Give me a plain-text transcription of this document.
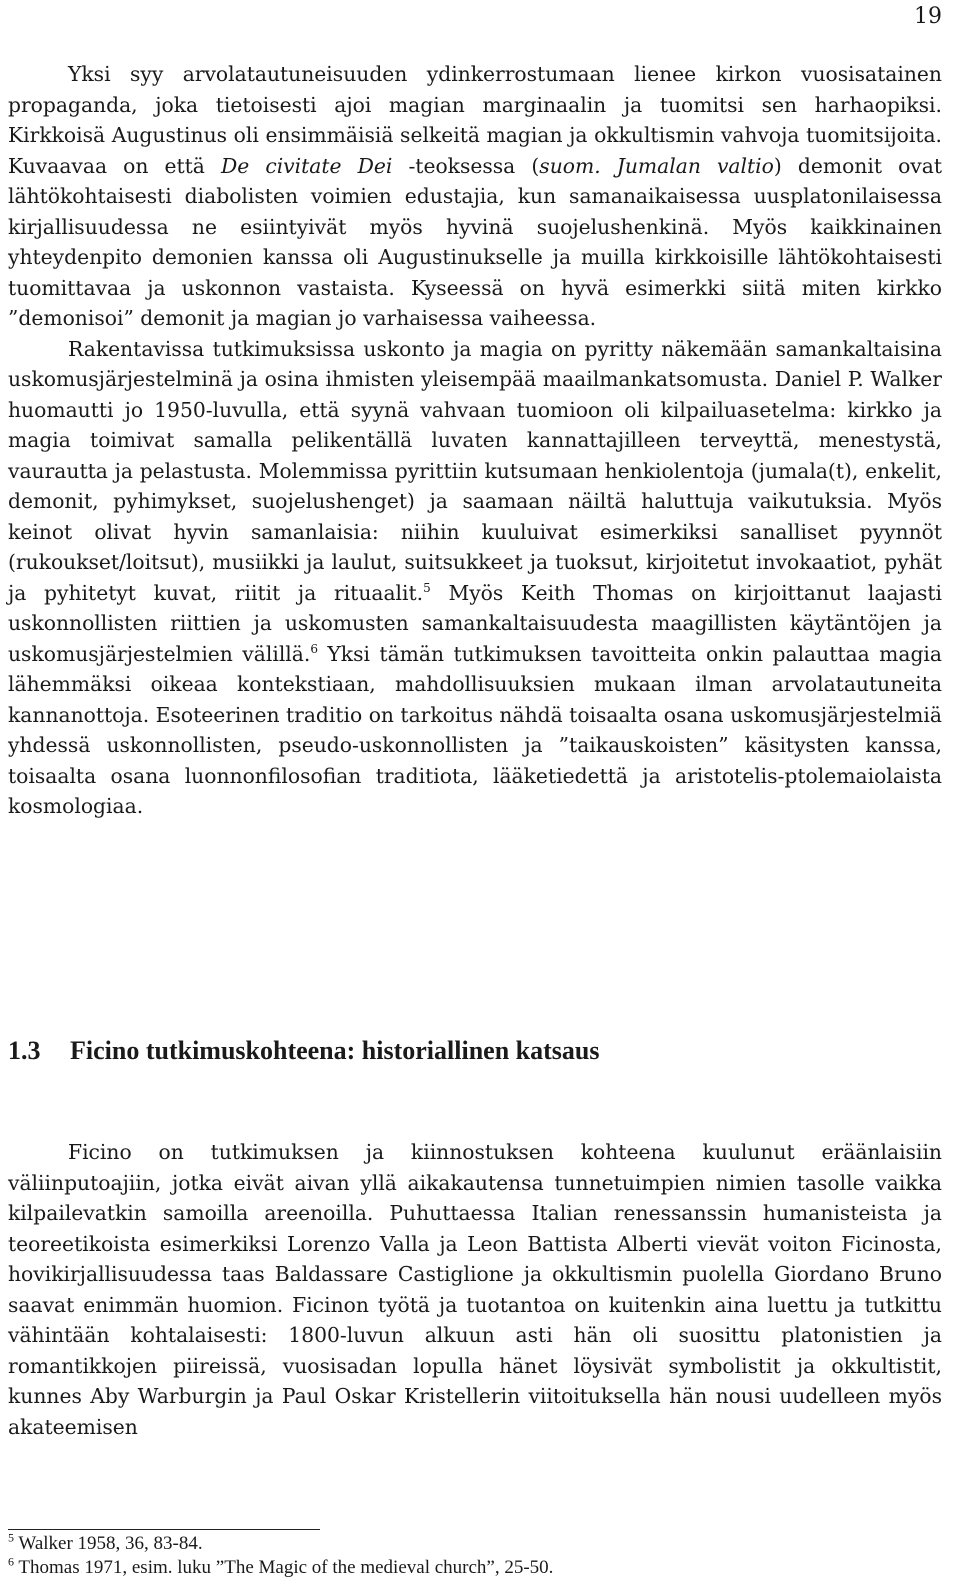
19

Yksi syy arvolatautuneisuuden ydinkerrostumaan lienee kirkon vuosisatainen propaganda, joka tietoisesti ajoi magian marginaalin ja tuomitsi sen harhaopiksi. Kirkkoisä Augustinus oli ensimmäisiä selkeitä magian ja okkultismin vahvoja tuomitsijoita. Kuvaavaa on että De civitate Dei -teoksessa (suom. Jumalan valtio) demonit ovat lähtökohtaisesti diabolisten voimien edustajia, kun samanaikaisessa uusplatonilaisessa kirjallisuudessa ne esiintyivät myös hyvinä suojelushenkinä. Myös kaikkinainen yhteydenpito demonien kanssa oli Augustinukselle ja muilla kirkkoisille lähtökohtaisesti tuomittavaa ja uskonnon vastaista. Kyseessä on hyvä esimerkki siitä miten kirkko ”demonisoi” demonit ja magian jo varhaisessa vaiheessa.

Rakentavissa tutkimuksissa uskonto ja magia on pyritty näkemään samankaltaisina uskomusjärjestelminä ja osina ihmisten yleisempää maailmankatsomusta. Daniel P. Walker huomautti jo 1950-luvulla, että syynä vahvaan tuomioon oli kilpailuasetelma: kirkko ja magia toimivat samalla pelikentällä luvaten kannattajilleen terveyttä, menestystä, vaurautta ja pelastusta. Molemmissa pyrittiin kutsumaan henkiolentoja (jumala(t), enkelit, demonit, pyhimykset, suojelushenget) ja saamaan näiltä haluttuja vaikutuksia. Myös keinot olivat hyvin samanlaisia: niihin kuuluivat esimerkiksi sanalliset pyynnöt (rukoukset/loitsut), musiikki ja laulut, suitsukkeet ja tuoksut, kirjoitetut invokaatiot, pyhät ja pyhitetyt kuvat, riitit ja rituaalit.$^5$ Myös Keith Thomas on kirjoittanut laajasti uskonnollisten riittien ja uskomusten samankaltaisuudesta maagillisten käytäntöjen ja uskomusjärjestelmien välillä.$^6$ Yksi tämän tutkimuksen tavoitteita onkin palauttaa magia lähemmäksi oikeaa kontekstiaan, mahdollisuuksien mukaan ilman arvolatautuneita kannanottoja. Esoteerinen traditio on tarkoitus nähdä toisaalta osana uskomusjärjestelmiä yhdessä uskonnollisten, pseudo-uskonnollisten ja ”taikauskoisten” käsitysten kanssa, toisaalta osana luonnonfilosofian traditiota, lääketiedettä ja aristotelis-ptolemaiolaista kosmologiaa.

1.3 Ficino tutkimuskohteena: historiallinen katsaus

Ficino on tutkimuksen ja kiinnostuksen kohteena kuulunut eräänlaisiin väliinputoajiin, jotka eivät aivan yllä aikakautensa tunnetuimpien nimien tasolle vaikka kilpailevatkin samoilla areenoilla. Puhuttaessa Italian renessanssin humanisteista ja teoreetikoista esimerkiksi Lorenzo Valla ja Leon Battista Alberti vievät voiton Ficinosta, hovikirjallisuudessa taas Baldassare Castiglione ja okkultismin puolella Giordano Bruno saavat enimmän huomion. Ficinon työtä ja tuotantoa on kuitenkin aina luettu ja tutkittu vähintään kohtalaisesti: 1800-luvun alkuun asti hän oli suosittu platonistien ja romantikkojen piireissä, vuosisadan lopulla hänet löysivät symbolistit ja okkultistit, kunnes Aby Warburgin ja Paul Oskar Kristellerin viitoituksella hän nousi uudelleen myös akateemisen

$^5$ Walker 1958, 36, 83-84.
$^6$ Thomas 1971, esim. luku ”The Magic of the medieval church”, 25-50.
